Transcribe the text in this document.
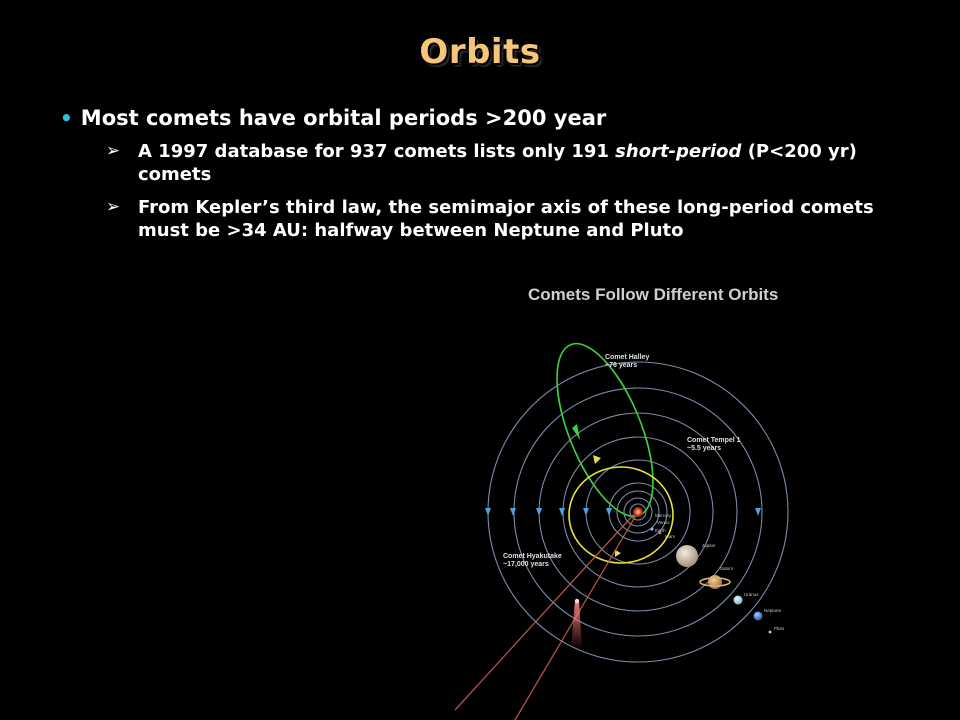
Orbits
• Most comets have orbital periods >200 year
➢ A 1997 database for 937 comets lists only 191 short-period (P<200 yr) comets
➢ From Kepler’s third law, the semimajor axis of these long-period comets must be >34 AU: halfway between Neptune and Pluto
Comets Follow Different Orbits
Comet Halley
~76 years
Comet Tempel 1
~5.5 years
Comet Hyakutake
~17,000 years
Mercury
Venus
Earth
Mars
Jupiter
Saturn
Uranus
Neptune
Pluto
